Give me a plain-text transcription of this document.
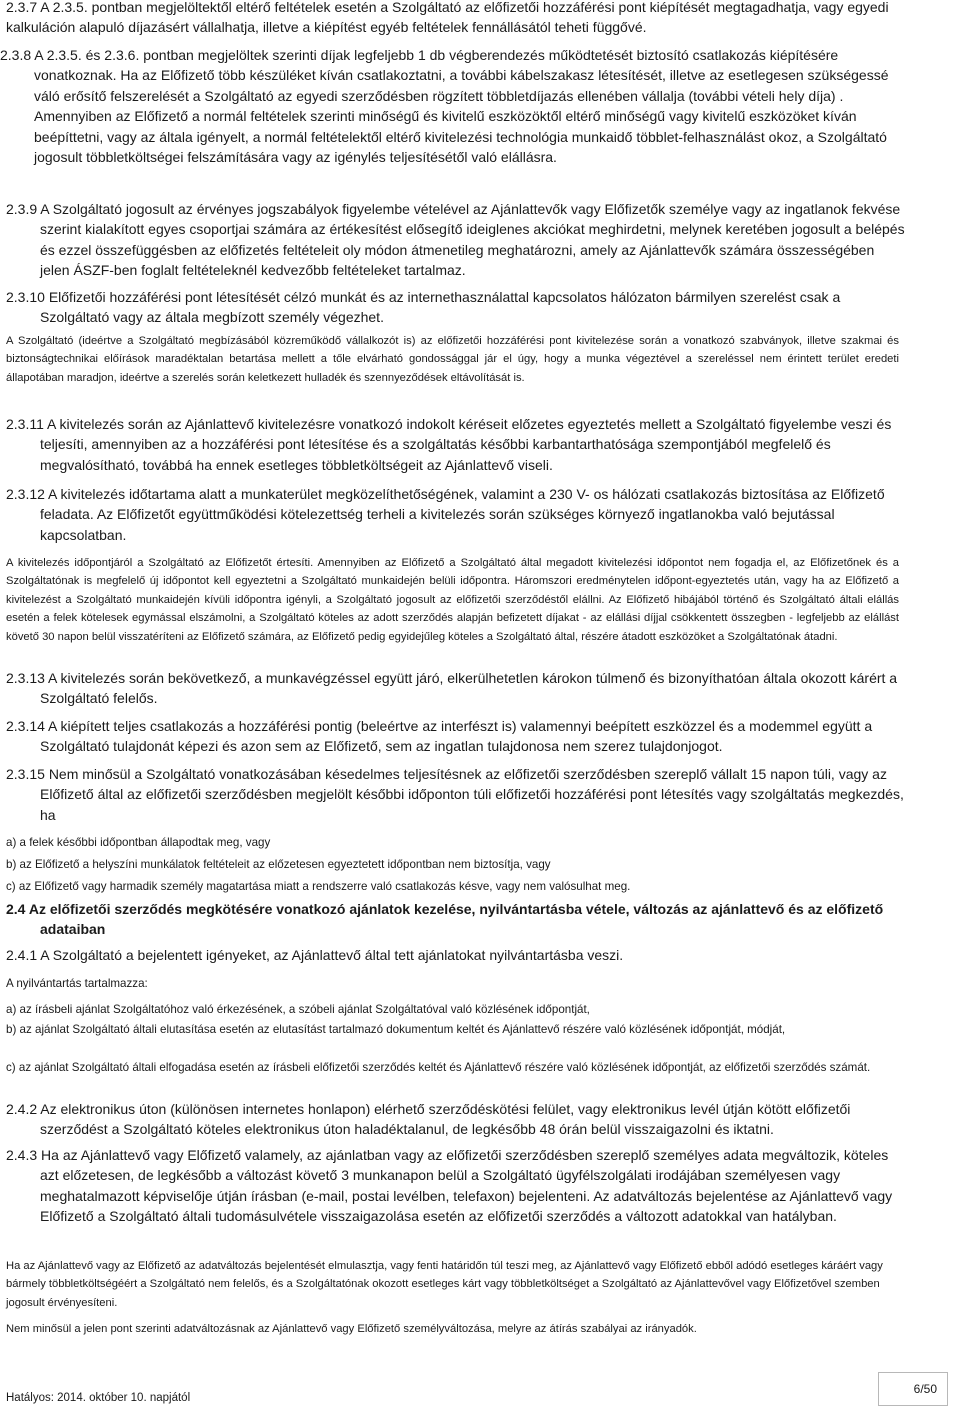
2.3.7 A 2.3.5. pontban megjelöltektől eltérő feltételek esetén a Szolgáltató az előfizetői hozzáférési pont kiépítését megtagadhatja, vagy egyedi kalkuláción alapuló díjazásért vállalhatja, illetve a kiépítést egyéb feltételek fennállásától teheti függővé.

2.3.8 A 2.3.5. és 2.3.6. pontban megjelöltek szerinti díjak legfeljebb 1 db végberendezés működtetését biztosító csatlakozás kiépítésére vonatkoznak. Ha az Előfizető több készüléket kíván csatlakoztatni, a további kábelszakasz létesítését, illetve az esetlegesen szükségessé váló erősítő felszerelését a Szolgáltató az egyedi szerződésben rögzített többletdíjazás ellenében vállalja (további vételi hely díja) . Amennyiben az Előfizető a normál feltételek szerinti minőségű és kivitelű eszközöktől eltérő minőségű vagy kivitelű eszközöket kíván beépíttetni, vagy az általa igényelt, a normál feltételektől eltérő kivitelezési technológia munkaidő többlet-felhasználást okoz, a Szolgáltató jogosult többletköltségei felszámítására vagy az igénylés teljesítésétől való elállásra.

2.3.9 A Szolgáltató jogosult az érvényes jogszabályok figyelembe vételével az Ajánlattevők vagy Előfizetők személye vagy az ingatlanok fekvése szerint kialakított egyes csoportjai számára az értékesítést elősegítő ideiglenes akciókat meghirdetni, melynek keretében jogosult a belépés és ezzel összefüggésben az előfizetés feltételeit oly módon átmenetileg meghatározni, amely az Ajánlattevők számára összességében jelen ÁSZF-ben foglalt feltételeknél kedvezőbb feltételeket tartalmaz.

2.3.10 Előfizetői hozzáférési pont létesítését célzó munkát és az internethasználattal kapcsolatos hálózaton bármilyen szerelést csak a Szolgáltató vagy az általa megbízott személy végezhet.

A Szolgáltató (ideértve a Szolgáltató megbízásából közreműködő vállalkozót is) az előfizetői hozzáférési pont kivitelezése során a vonatkozó szabványok, illetve szakmai és biztonságtechnikai előírások maradéktalan betartása mellett a tőle elvárható gondossággal jár el úgy, hogy a munka végeztével a szereléssel nem érintett terület eredeti állapotában maradjon, ideértve a szerelés során keletkezett hulladék és szennyeződések eltávolítását is.

2.3.11 A kivitelezés során az Ajánlattevő kivitelezésre vonatkozó indokolt kéréseit előzetes egyeztetés mellett a Szolgáltató figyelembe veszi és teljesíti, amennyiben az a hozzáférési pont létesítése és a szolgáltatás későbbi karbantarthatósága szempontjából megfelelő és megvalósítható, továbbá ha ennek esetleges többletköltségeit az Ajánlattevő viseli.

2.3.12 A kivitelezés időtartama alatt a munkaterület megközelíthetőségének, valamint a 230 V- os hálózati csatlakozás biztosítása az Előfizető feladata. Az Előfizetőt együttműködési kötelezettség terheli a kivitelezés során szükséges környező ingatlanokba való bejutással kapcsolatban.

A kivitelezés időpontjáról a Szolgáltató az Előfizetőt értesíti. Amennyiben az Előfizető a Szolgáltató által megadott kivitelezési időpontot nem fogadja el, az Előfizetőnek és a Szolgáltatónak is megfelelő új időpontot kell egyeztetni a Szolgáltató munkaidején belüli időpontra. Háromszori eredménytelen időpont-egyeztetés után, vagy ha az Előfizető a kivitelezést a Szolgáltató munkaidején kívüli időpontra igényli, a Szolgáltató jogosult az előfizetői szerződéstől elállni. Az Előfizető hibájából történő és Szolgáltató általi elállás esetén a felek kötelesek egymással elszámolni, a Szolgáltató köteles az adott szerződés alapján befizetett díjakat - az elállási díjjal csökkentett összegben - legfeljebb az elállást követő 30 napon belül visszatéríteni az Előfizető számára, az Előfizető pedig egyidejűleg köteles a Szolgáltató által, részére átadott eszközöket a Szolgáltatónak átadni.

2.3.13 A kivitelezés során bekövetkező, a munkavégzéssel együtt járó, elkerülhetetlen károkon túlmenő és bizonyíthatóan általa okozott kárért a Szolgáltató felelős.

2.3.14 A kiépített teljes csatlakozás a hozzáférési pontig (beleértve az interfészt is) valamennyi beépített eszközzel és a modemmel együtt a Szolgáltató tulajdonát képezi és azon sem az Előfizető, sem az ingatlan tulajdonosa nem szerez tulajdonjogot.

2.3.15 Nem minősül a Szolgáltató vonatkozásában késedelmes teljesítésnek az előfizetői szerződésben szereplő vállalt 15 napon túli, vagy az Előfizető által az előfizetői szerződésben megjelölt későbbi időponton túli előfizetői hozzáférési pont létesítés vagy szolgáltatás megkezdés, ha

a) a felek későbbi időpontban állapodtak meg, vagy

b) az Előfizető a helyszíni munkálatok feltételeit az előzetesen egyeztetett időpontban nem biztosítja, vagy

c) az Előfizető vagy harmadik személy magatartása miatt a rendszerre való csatlakozás késve, vagy nem valósulhat meg.

2.4 Az előfizetői szerződés megkötésére vonatkozó ajánlatok kezelése, nyilvántartásba vétele, változás az ajánlattevő és az előfizető adataiban

2.4.1 A Szolgáltató a bejelentett igényeket, az Ajánlattevő által tett ajánlatokat nyilvántartásba veszi.

A nyilvántartás tartalmazza:

a) az írásbeli ajánlat Szolgáltatóhoz való érkezésének, a szóbeli ajánlat Szolgáltatóval való közlésének időpontját,

b) az ajánlat Szolgáltató általi elutasítása esetén az elutasítást tartalmazó dokumentum keltét és Ajánlattevő részére való közlésének időpontját, módját,

c) az ajánlat Szolgáltató általi elfogadása esetén az írásbeli előfizetői szerződés keltét és Ajánlattevő részére való közlésének időpontját, az előfizetői szerződés számát.

2.4.2 Az elektronikus úton (különösen internetes honlapon) elérhető szerződéskötési felület, vagy elektronikus levél útján kötött előfizetői szerződést a Szolgáltató köteles elektronikus úton haladéktalanul, de legkésőbb 48 órán belül visszaigazolni és iktatni.

2.4.3 Ha az Ajánlattevő vagy Előfizető valamely, az ajánlatban vagy az előfizetői szerződésben szereplő személyes adata megváltozik, köteles azt előzetesen, de legkésőbb a változást követő 3 munkanapon belül a Szolgáltató ügyfélszolgálati irodájában személyesen vagy meghatalmazott képviselője útján írásban (e-mail, postai levélben, telefaxon) bejelenteni. Az adatváltozás bejelentése az Ajánlattevő vagy Előfizető a Szolgáltató általi tudomásulvétele visszaigazolása esetén az előfizetői szerződés a változott adatokkal van hatályban.

Ha az Ajánlattevő vagy az Előfizető az adatváltozás bejelentését elmulasztja, vagy fenti határidőn túl teszi meg, az Ajánlattevő vagy Előfizető ebből adódó esetleges káráért vagy bármely többletköltségéért a Szolgáltató nem felelős, és a Szolgáltatónak okozott esetleges kárt vagy többletköltséget a Szolgáltató az Ajánlattevővel vagy Előfizetővel szemben jogosult érvényesíteni.

Nem minősül a jelen pont szerinti adatváltozásnak az Ajánlattevő vagy Előfizető személyváltozása, melyre az átírás szabályai az irányadók.

Hatályos: 2014. október 10. napjától
6/50
